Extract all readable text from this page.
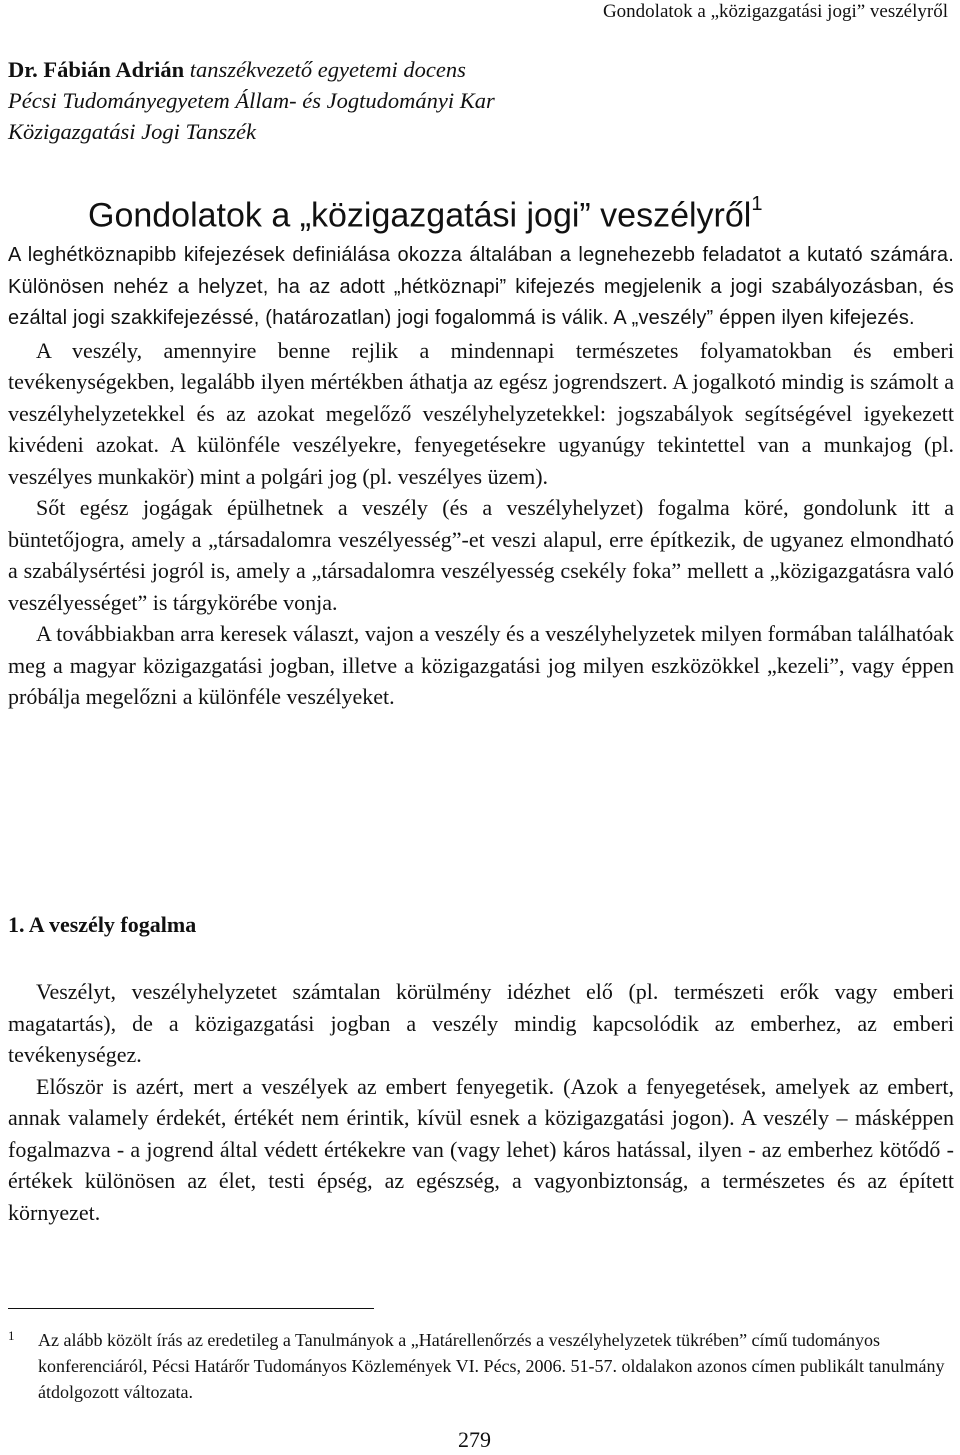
Gondolatok a „közigazgatási jogi” veszélyről
Dr. Fábián Adrián tanszékvezető egyetemi docens
Pécsi Tudományegyetem Állam- és Jogtudományi Kar
Közigazgatási Jogi Tanszék
Gondolatok a „közigazgatási jogi” veszélyről$^1$

A leghétköznapibb kifejezések definiálása okozza általában a legnehezebb feladatot a kutató számára. Különösen nehéz a helyzet, ha az adott „hétköznapi” kifejezés megjelenik a jogi szabályozásban, és ezáltal jogi szakkifejezéssé, (határozatlan) jogi fogalommá is válik. A „veszély” éppen ilyen kifejezés.

A veszély, amennyire benne rejlik a mindennapi természetes folyamatokban és emberi tevékenységekben, legalább ilyen mértékben áthatja az egész jogrendszert. A jogalkotó mindig is számolt a veszélyhelyzetekkel és az azokat megelőző veszélyhelyzetekkel: jogszabályok segítségével igyekezett kivédeni azokat. A különféle veszélyekre, fenyegetésekre ugyanúgy tekintettel van a munkajog (pl. veszélyes munkakör) mint a polgári jog (pl. veszélyes üzem).

Sőt egész jogágak épülhetnek a veszély (és a veszélyhelyzet) fogalma köré, gondolunk itt a büntetőjogra, amely a „társadalomra veszélyesség”-et veszi alapul, erre építkezik, de ugyanez elmondható a szabálysértési jogról is, amely a „társadalomra veszélyesség csekély foka” mellett a „közigazgatásra való veszélyességet” is tárgykörébe vonja.

A továbbiakban arra keresek választ, vajon a veszély és a veszélyhelyzetek milyen formában találhatóak meg a magyar közigazgatási jogban, illetve a közigazgatási jog milyen eszközökkel „kezeli”, vagy éppen próbálja megelőzni a különféle veszélyeket.

1. A veszély fogalma

Veszélyt, veszélyhelyzetet számtalan körülmény idézhet elő (pl. természeti erők vagy emberi magatartás), de a közigazgatási jogban a veszély mindig kapcsolódik az emberhez, az emberi tevékenységez.

Először is azért, mert a veszélyek az embert fenyegetik. (Azok a fenyegetések, amelyek az embert, annak valamely érdekét, értékét nem érintik, kívül esnek a közigazgatási jogon). A veszély – másképpen fogalmazva - a jogrend által védett értékekre van (vagy lehet) káros hatással, ilyen - az emberhez kötődő - értékek különösen az élet, testi épség, az egészség, a vagyonbiztonság, a természetes és az épített környezet.

1	Az alább közölt írás az eredetileg a Tanulmányok a „Határellenőrzés a veszélyhelyzetek tükrében” című tudományos konferenciáról, Pécsi Határőr Tudományos Közlemények VI. Pécs, 2006. 51-57. oldalakon azonos címen publikált tanulmány átdolgozott változata.
279
